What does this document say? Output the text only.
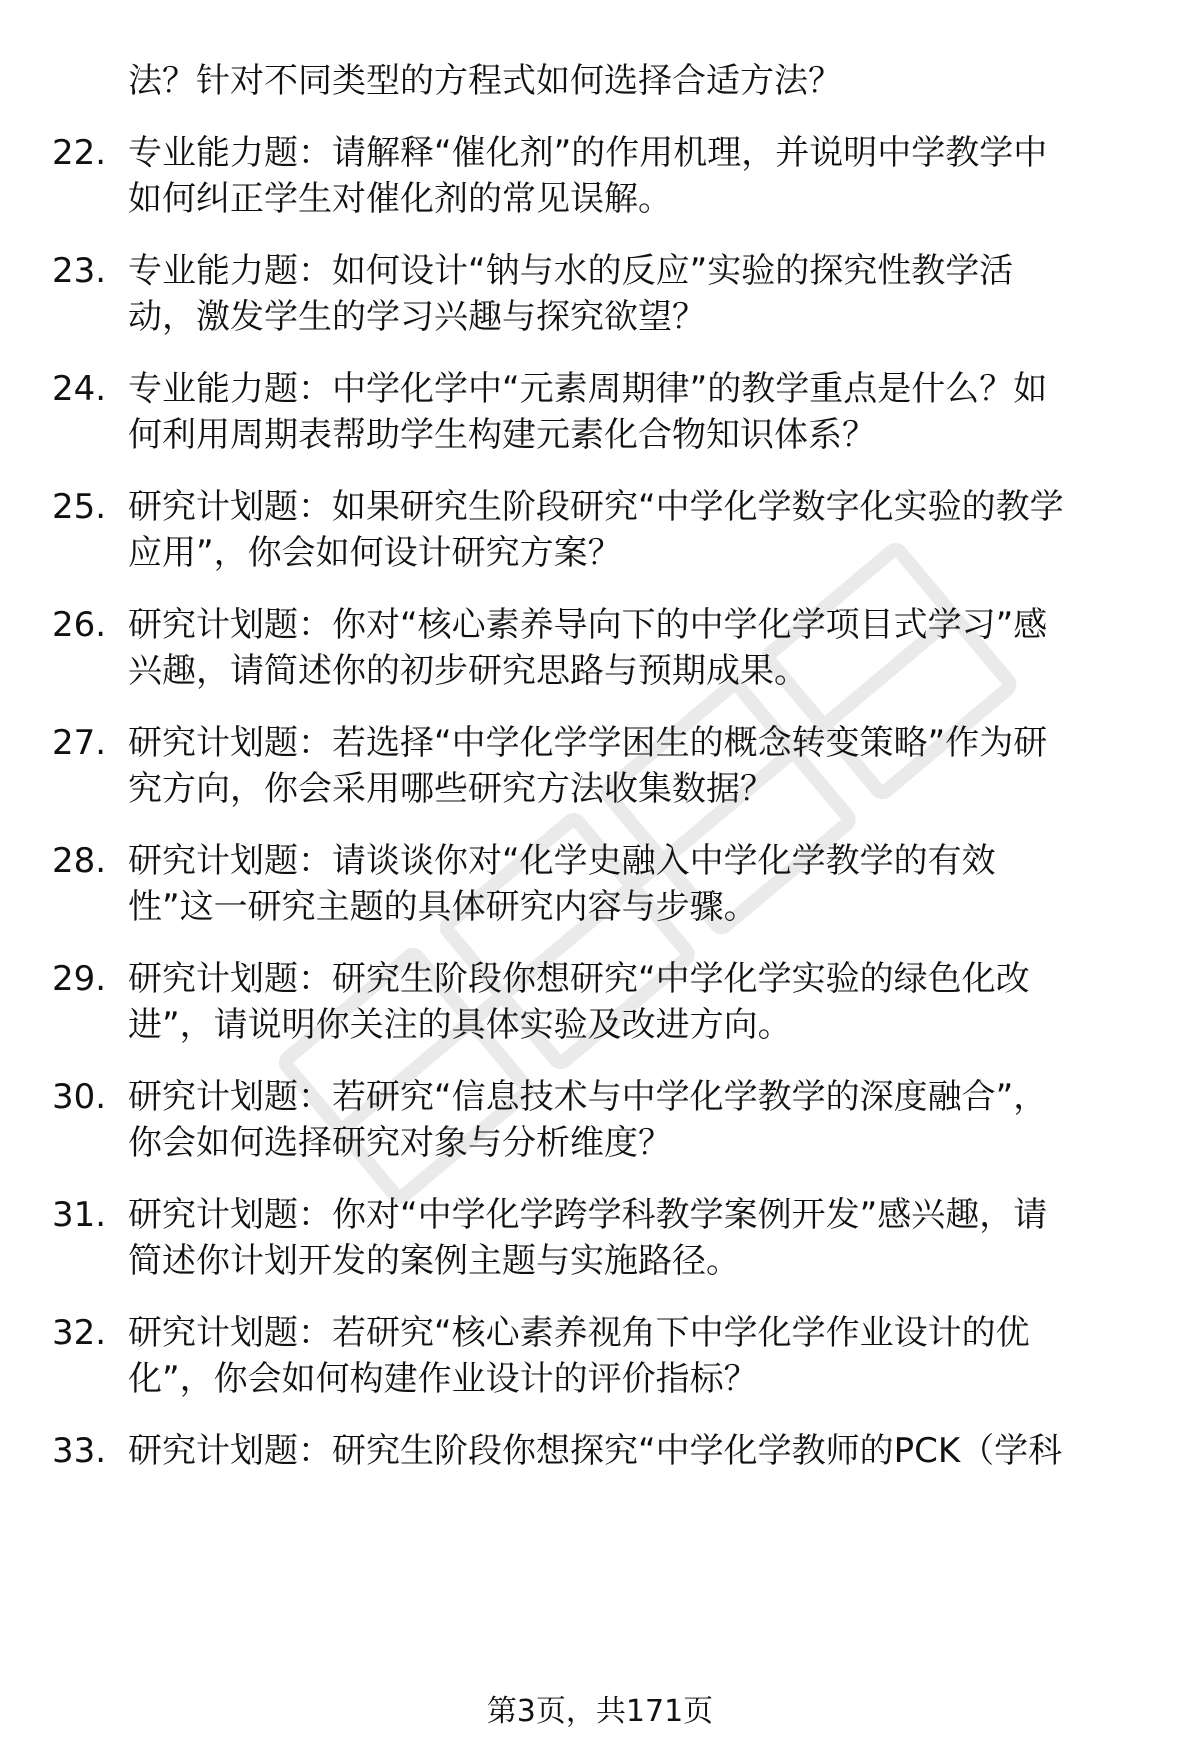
法？针对不同类型的方程式如何选择合适方法？
22. 专业能力题：请解释“催化剂”的作用机理，并说明中学教学中
如何纠正学生对催化剂的常见误解。
23. 专业能力题：如何设计“钠与水的反应”实验的探究性教学活
动，激发学生的学习兴趣与探究欲望？
24. 专业能力题：中学化学中“元素周期律”的教学重点是什么？如
何利用周期表帮助学生构建元素化合物知识体系？
25. 研究计划题：如果研究生阶段研究“中学化学数字化实验的教学
应用”，你会如何设计研究方案？
26. 研究计划题：你对“核心素养导向下的中学化学项目式学习”感
兴趣，请简述你的初步研究思路与预期成果。
27. 研究计划题：若选择“中学化学学困生的概念转变策略”作为研
究方向，你会采用哪些研究方法收集数据？
28. 研究计划题：请谈谈你对“化学史融入中学化学教学的有效
性”这一研究主题的具体研究内容与步骤。
29. 研究计划题：研究生阶段你想研究“中学化学实验的绿色化改
进”，请说明你关注的具体实验及改进方向。
30. 研究计划题：若研究“信息技术与中学化学教学的深度融合”，
你会如何选择研究对象与分析维度？
31. 研究计划题：你对“中学化学跨学科教学案例开发”感兴趣，请
简述你计划开发的案例主题与实施路径。
32. 研究计划题：若研究“核心素养视角下中学化学作业设计的优
化”，你会如何构建作业设计的评价指标？
33. 研究计划题：研究生阶段你想探究“中学化学教师的PCK（学科
第3页，共171页
